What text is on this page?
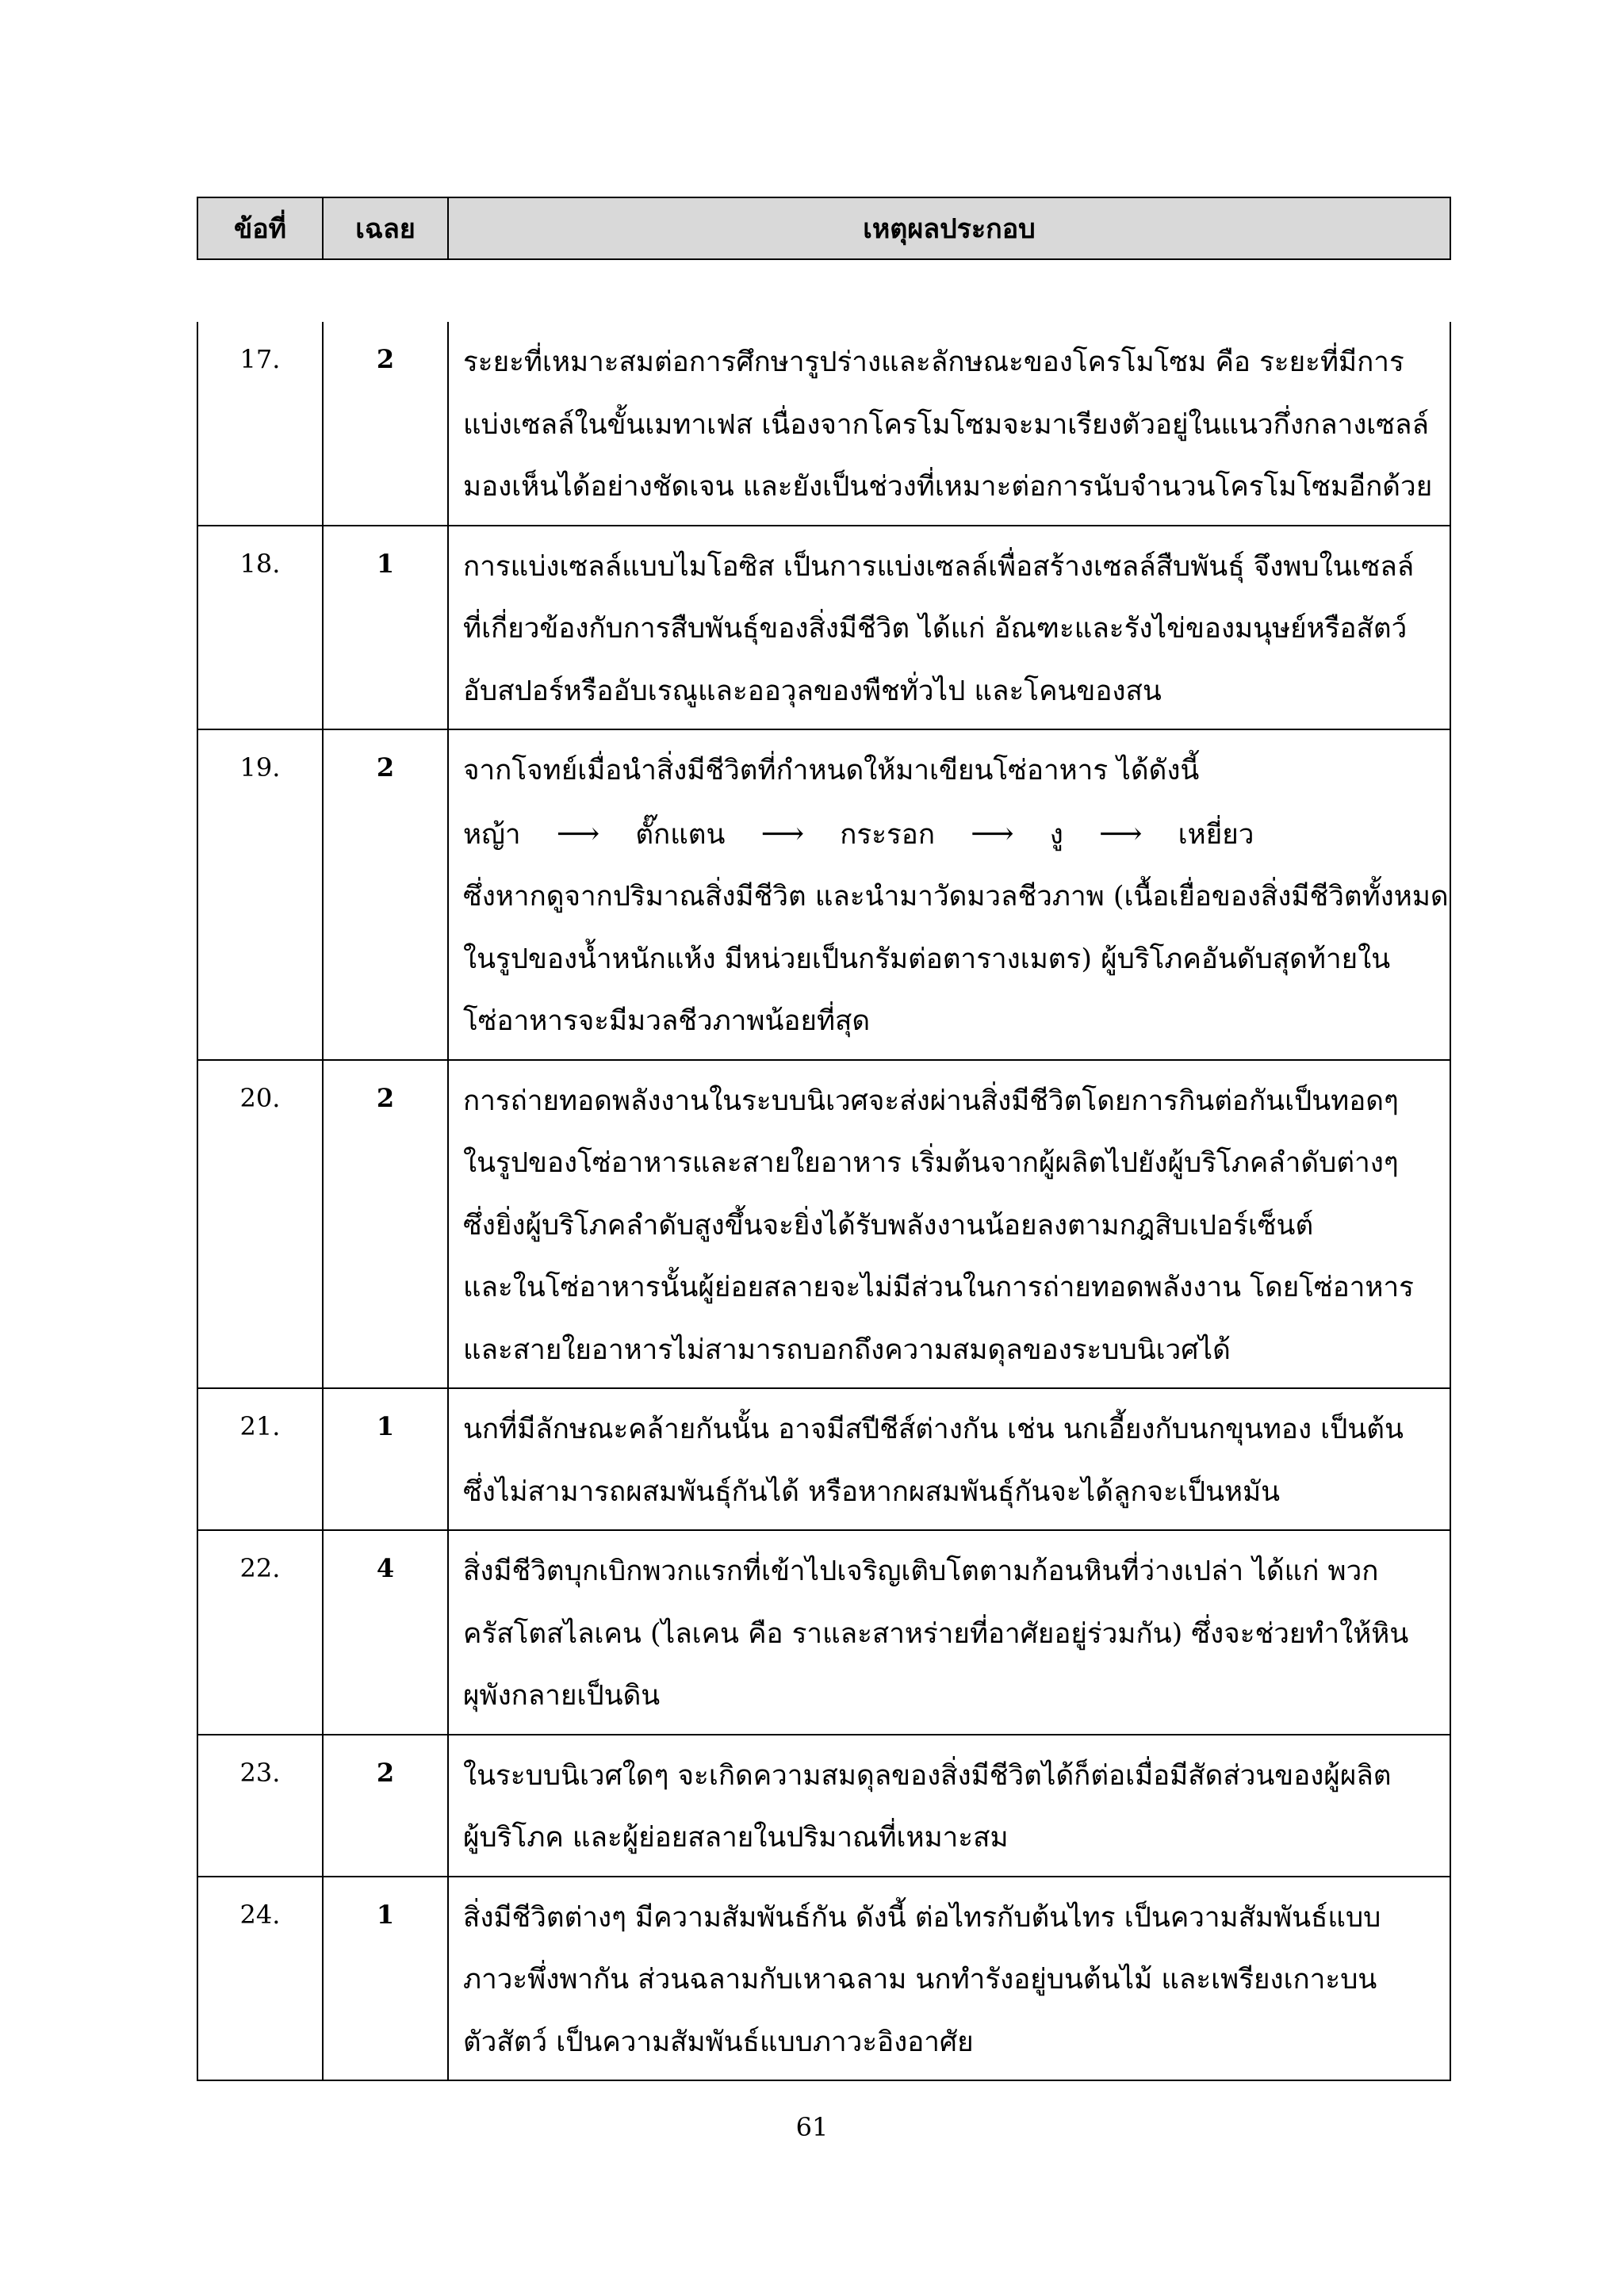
ข้อที่	เฉลย	เหตุผลประกอบ
17.	2	ระยะที่เหมาะสมต่อการศึกษารูปร่างและลักษณะของโครโมโซม คือ ระยะที่มีการ
แบ่งเซลล์ในขั้นเมทาเฟส เนื่องจากโครโมโซมจะมาเรียงตัวอยู่ในแนวกึ่งกลางเซลล์
มองเห็นได้อย่างชัดเจน และยังเป็นช่วงที่เหมาะต่อการนับจำนวนโครโมโซมอีกด้วย

18.	1	การแบ่งเซลล์แบบไมโอซิส เป็นการแบ่งเซลล์เพื่อสร้างเซลล์สืบพันธุ์ จึงพบในเซลล์
ที่เกี่ยวข้องกับการสืบพันธุ์ของสิ่งมีชีวิต ได้แก่ อัณฑะและรังไข่ของมนุษย์หรือสัตว์
อับสปอร์หรืออับเรณูและออวุลของพืชทั่วไป และโคนของสน

19.	2	จากโจทย์เมื่อนำสิ่งมีชีวิตที่กำหนดให้มาเขียนโซ่อาหาร ได้ดังนี้
หญ้า ⟶ ตั๊กแตน ⟶ กระรอก ⟶ งู ⟶ เหยี่ยว
ซึ่งหากดูจากปริมาณสิ่งมีชีวิต และนำมาวัดมวลชีวภาพ (เนื้อเยื่อของสิ่งมีชีวิตทั้งหมด
ในรูปของน้ำหนักแห้ง มีหน่วยเป็นกรัมต่อตารางเมตร) ผู้บริโภคอันดับสุดท้ายใน
โซ่อาหารจะมีมวลชีวภาพน้อยที่สุด

20.	2	การถ่ายทอดพลังงานในระบบนิเวศจะส่งผ่านสิ่งมีชีวิตโดยการกินต่อกันเป็นทอดๆ
ในรูปของโซ่อาหารและสายใยอาหาร เริ่มต้นจากผู้ผลิตไปยังผู้บริโภคลำดับต่างๆ
ซึ่งยิ่งผู้บริโภคลำดับสูงขึ้นจะยิ่งได้รับพลังงานน้อยลงตามกฎสิบเปอร์เซ็นต์
และในโซ่อาหารนั้นผู้ย่อยสลายจะไม่มีส่วนในการถ่ายทอดพลังงาน โดยโซ่อาหาร
และสายใยอาหารไม่สามารถบอกถึงความสมดุลของระบบนิเวศได้

21.	1	นกที่มีลักษณะคล้ายกันนั้น อาจมีสปีชีส์ต่างกัน เช่น นกเอี้ยงกับนกขุนทอง เป็นต้น
ซึ่งไม่สามารถผสมพันธุ์กันได้ หรือหากผสมพันธุ์กันจะได้ลูกจะเป็นหมัน

22.	4	สิ่งมีชีวิตบุกเบิกพวกแรกที่เข้าไปเจริญเติบโตตามก้อนหินที่ว่างเปล่า ได้แก่ พวก
ครัสโตสไลเคน (ไลเคน คือ ราและสาหร่ายที่อาศัยอยู่ร่วมกัน) ซึ่งจะช่วยทำให้หิน
ผุพังกลายเป็นดิน

23.	2	ในระบบนิเวศใดๆ จะเกิดความสมดุลของสิ่งมีชีวิตได้ก็ต่อเมื่อมีสัดส่วนของผู้ผลิต
ผู้บริโภค และผู้ย่อยสลายในปริมาณที่เหมาะสม

24.	1	สิ่งมีชีวิตต่างๆ มีความสัมพันธ์กัน ดังนี้ ต่อไทรกับต้นไทร เป็นความสัมพันธ์แบบ
ภาวะพึ่งพากัน ส่วนฉลามกับเหาฉลาม นกทำรังอยู่บนต้นไม้ และเพรียงเกาะบน
ตัวสัตว์ เป็นความสัมพันธ์แบบภาวะอิงอาศัย
61
